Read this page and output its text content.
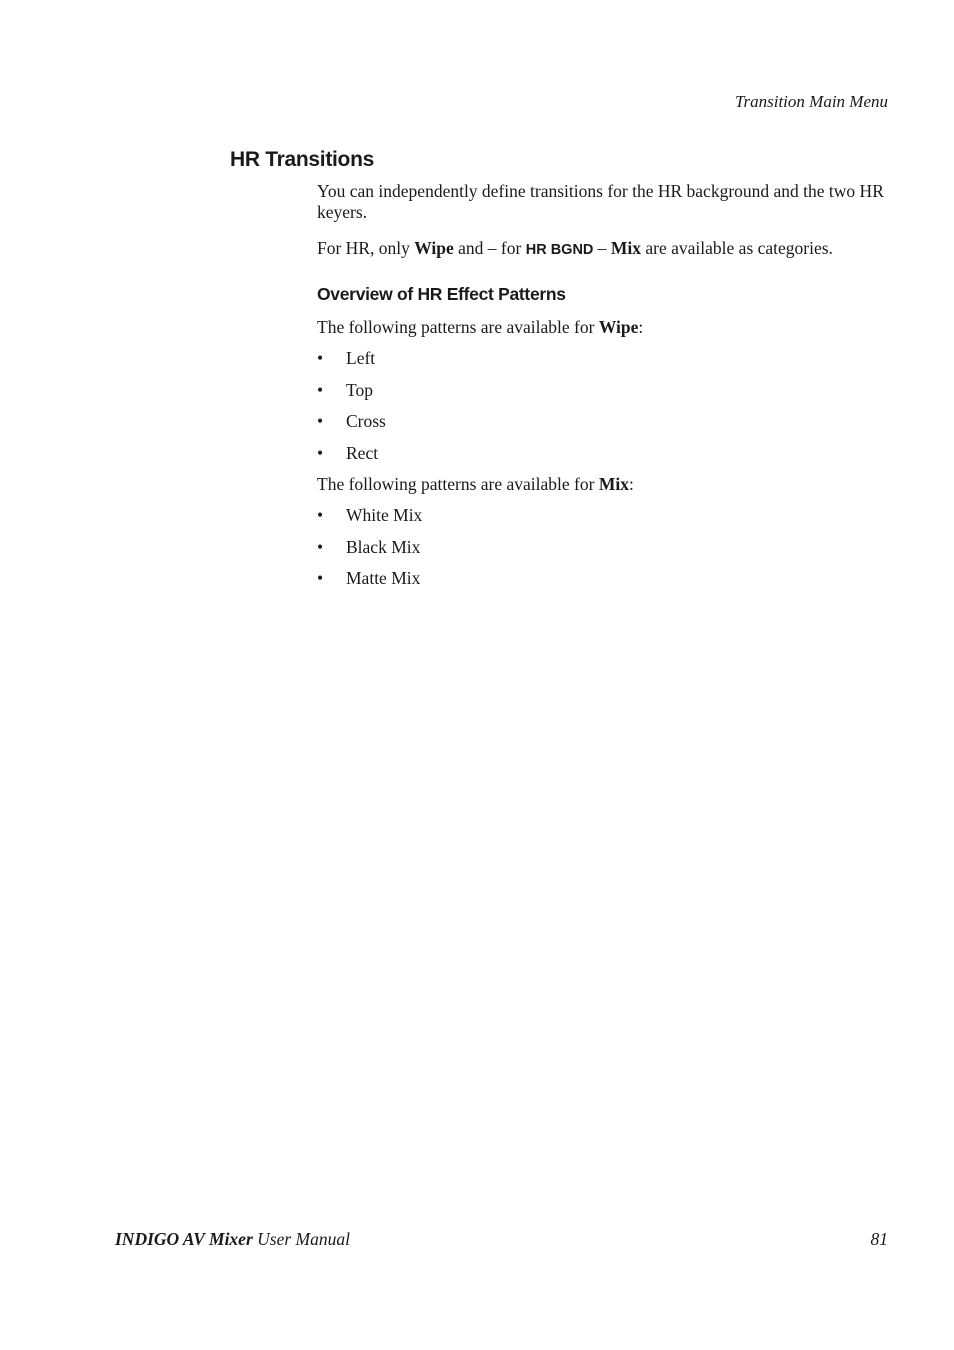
Transition Main Menu
HR Transitions

You can independently define transitions for the HR background and the two HR keyers.

For HR, only Wipe and – for HR BGND – Mix are available as categories.

Overview of HR Effect Patterns

The following patterns are available for Wipe:

• Left
• Top
• Cross
• Rect

The following patterns are available for Mix:

• White Mix
• Black Mix
• Matte Mix
INDIGO AV Mixer User Manual	81
